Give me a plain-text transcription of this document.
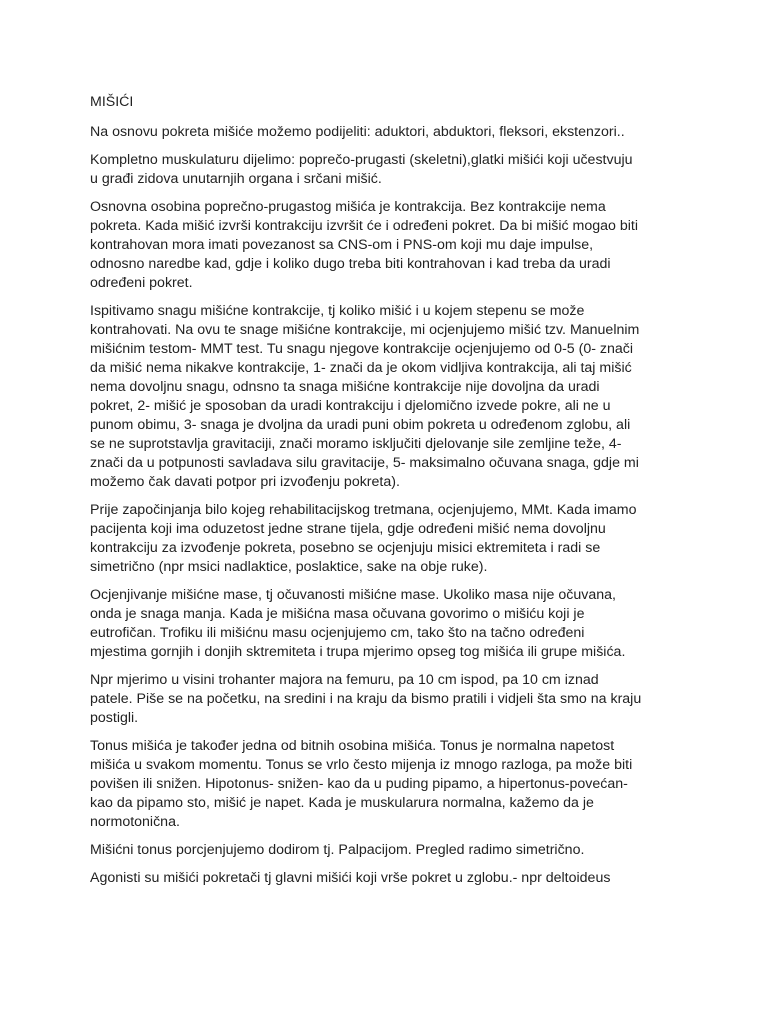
MIŠIĆI
Na osnovu pokreta mišiće možemo podijeliti: aduktori, abduktori, fleksori, ekstenzori..
Kompletno muskulaturu dijelimo: poprečo-prugasti (skeletni),glatki mišići koji učestvuju
u građi zidova unutarnjih organa i srčani mišić.
Osnovna osobina poprečno-prugastog mišića je kontrakcija. Bez kontrakcije nema
pokreta. Kada mišić izvrši kontrakciju izvršit će i određeni pokret. Da bi mišić mogao biti
kontrahovan mora imati povezanost sa CNS-om i PNS-om koji mu daje impulse,
odnosno naredbe kad, gdje i koliko dugo treba biti kontrahovan i kad treba da uradi
određeni pokret.
Ispitivamo snagu mišićne kontrakcije, tj koliko mišić i u kojem stepenu se može
kontrahovati. Na ovu te snage mišićne kontrakcije, mi ocjenjujemo mišić tzv. Manuelnim
mišićnim testom- MMT test. Tu snagu njegove kontrakcije ocjenjujemo od 0-5 (0- znači
da mišić nema nikakve kontrakcije, 1- znači da je okom vidljiva kontrakcija, ali taj mišić
nema dovoljnu snagu, odnsno ta snaga mišićne kontrakcije nije dovoljna da uradi
pokret, 2- mišić je sposoban da uradi kontrakciju i djelomično izvede pokre, ali ne u
punom obimu, 3- snaga je dvoljna da uradi puni obim pokreta u određenom zglobu, ali
se ne suprotstavlja gravitaciji, znači moramo isključiti djelovanje sile zemljine teže, 4-
znači da u potpunosti savladava silu gravitacije, 5- maksimalno očuvana snaga, gdje mi
možemo čak davati potpor pri izvođenju pokreta).
Prije započinjanja bilo kojeg rehabilitacijskog tretmana, ocjenjujemo, MMt. Kada imamo
pacijenta koji ima oduzetost jedne strane tijela, gdje određeni mišić nema dovoljnu
kontrakciju za izvođenje pokreta, posebno se ocjenjuju misici ektremiteta i radi se
simetrično (npr msici nadlaktice, poslaktice, sake na obje ruke).
Ocjenjivanje mišićne mase, tj očuvanosti mišićne mase. Ukoliko masa nije očuvana,
onda je snaga manja. Kada je mišićna masa očuvana govorimo o mišiću koji je
eutrofičan. Trofiku ili mišićnu masu ocjenjujemo cm, tako što na tačno određeni
mjestima gornjih i donjih sktremiteta i trupa mjerimo opseg tog mišića ili grupe mišića.
Npr mjerimo u visini trohanter majora na femuru, pa 10 cm ispod, pa 10 cm iznad
patele. Piše se na početku, na sredini i na kraju da bismo pratili i vidjeli šta smo na kraju
postigli.
Tonus mišića je također jedna od bitnih osobina mišića. Tonus je normalna napetost
mišića u svakom momentu. Tonus se vrlo često mijenja iz mnogo razloga, pa može biti
povišen ili snižen. Hipotonus- snižen- kao da u puding pipamo, a hipertonus-povećan-
kao da pipamo sto, mišić je napet. Kada je muskularura normalna, kažemo da je
normotonična.
Mišićni tonus porcjenjujemo dodirom tj. Palpacijom. Pregled radimo simetrično.
Agonisti su mišići pokretači tj glavni mišići koji vrše pokret u zglobu.- npr deltoideus
